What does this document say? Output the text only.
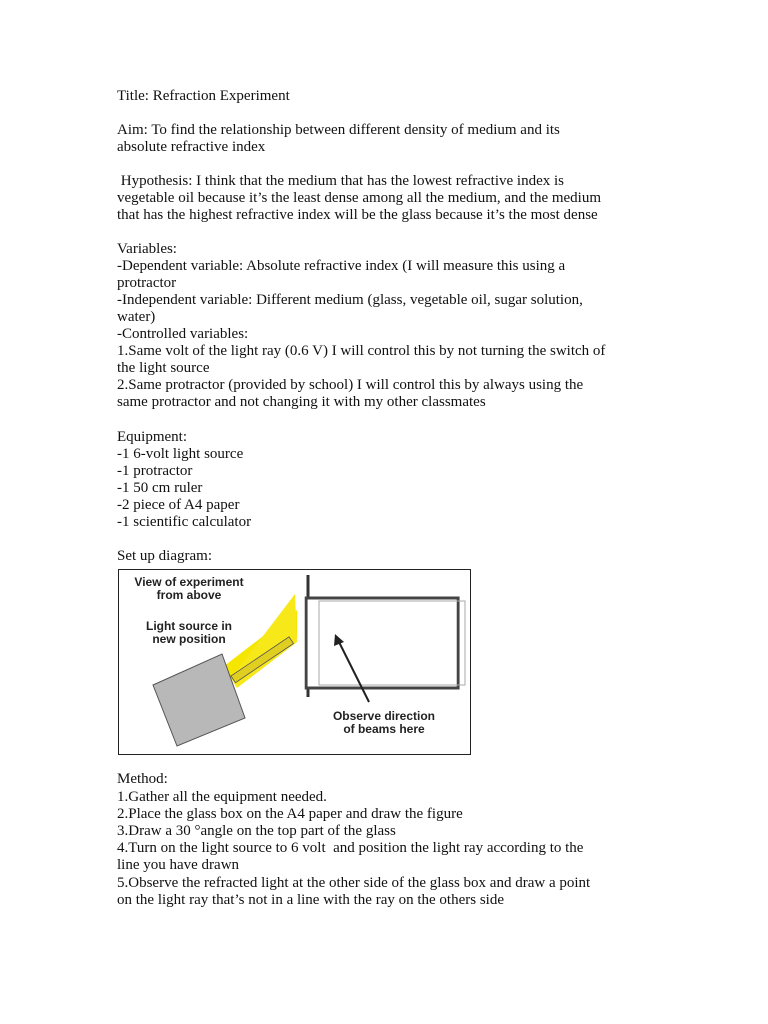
Title: Refraction Experiment
Aim: To find the relationship between different density of medium and its
absolute refractive index
Hypothesis: I think that the medium that has the lowest refractive index is
vegetable oil because it’s the least dense among all the medium, and the medium
that has the highest refractive index will be the glass because it’s the most dense
Variables:
-Dependent variable: Absolute refractive index (I will measure this using a
protractor
-Independent variable: Different medium (glass, vegetable oil, sugar solution,
water)
-Controlled variables:
1.Same volt of the light ray (0.6 V) I will control this by not turning the switch of
the light source
2.Same protractor (provided by school) I will control this by always using the
same protractor and not changing it with my other classmates
Equipment:
-1 6-volt light source
-1 protractor
-1 50 cm ruler
-2 piece of A4 paper
-1 scientific calculator
Set up diagram:
View of experiment
from above
Light source in
new position
Observe direction
of beams here
Method:
1.Gather all the equipment needed.
2.Place the glass box on the A4 paper and draw the figure
3.Draw a 30 °angle on the top part of the glass
4.Turn on the light source to 6 volt  and position the light ray according to the
line you have drawn
5.Observe the refracted light at the other side of the glass box and draw a point
on the light ray that’s not in a line with the ray on the others side
